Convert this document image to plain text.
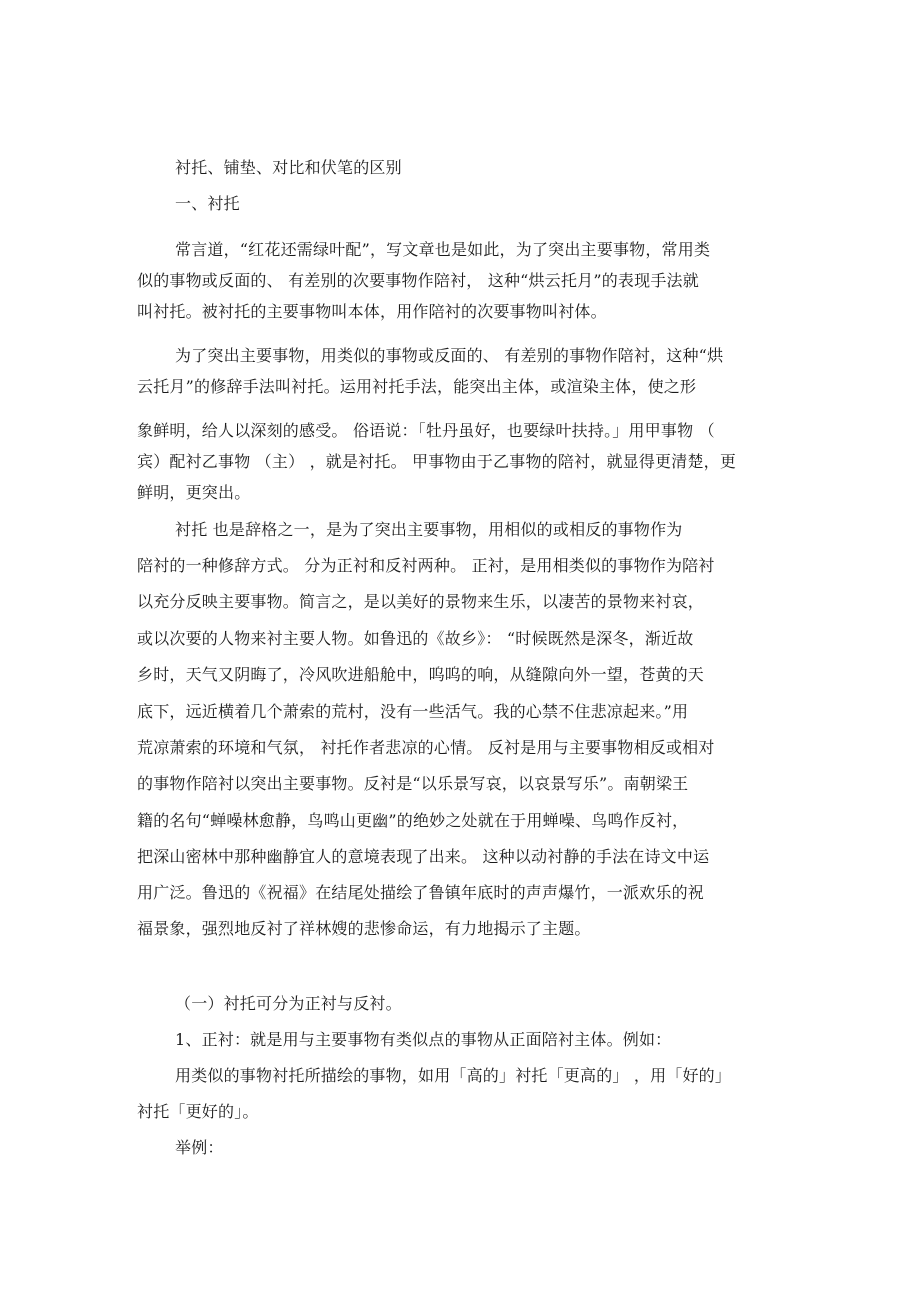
衬托、铺垫、对比和伏笔的区别
一、衬托
常言道，“红花还需绿叶配”，写文章也是如此，为了突出主要事物，常用类
似的事物或反面的、 有差别的次要事物作陪衬， 这种“烘云托月”的表现手法就
叫衬托。被衬托的主要事物叫本体，用作陪衬的次要事物叫衬体。
为了突出主要事物，用类似的事物或反面的、 有差别的事物作陪衬，这种“烘
云托月”的修辞手法叫衬托。运用衬托手法，能突出主体，或渲染主体，使之形
象鲜明，给人以深刻的感受。 俗语说：「牡丹虽好，也要绿叶扶持。」用甲事物 （
宾）配衬乙事物 （主） ，就是衬托。 甲事物由于乙事物的陪衬，就显得更清楚，更
鲜明，更突出。
衬托 也是辞格之一，是为了突出主要事物，用相似的或相反的事物作为
陪衬的一种修辞方式。 分为正衬和反衬两种。 正衬，是用相类似的事物作为陪衬
以充分反映主要事物。简言之，是以美好的景物来生乐，以凄苦的景物来衬哀，
或以次要的人物来衬主要人物。如鲁迅的《故乡》： “时候既然是深冬，渐近故
乡时，天气又阴晦了，冷风吹进船舱中，呜呜的响，从缝隙向外一望，苍黄的天
底下，远近横着几个萧索的荒村，没有一些活气。我的心禁不住悲凉起来。”用
荒凉萧索的环境和气氛， 衬托作者悲凉的心情。 反衬是用与主要事物相反或相对
的事物作陪衬以突出主要事物。反衬是“以乐景写哀，以哀景写乐”。南朝梁王
籍的名句“蝉噪林愈静，鸟鸣山更幽”的绝妙之处就在于用蝉噪、鸟鸣作反衬，
把深山密林中那种幽静宜人的意境表现了出来。 这种以动衬静的手法在诗文中运
用广泛。鲁迅的《祝福》在结尾处描绘了鲁镇年底时的声声爆竹，一派欢乐的祝
福景象，强烈地反衬了祥林嫂的悲惨命运，有力地揭示了主题。
（一）衬托可分为正衬与反衬。
1、正衬：就是用与主要事物有类似点的事物从正面陪衬主体。例如：
用类似的事物衬托所描绘的事物，如用「高的」衬托「更高的」 ，用「好的」
衬托「更好的」。
举例：
